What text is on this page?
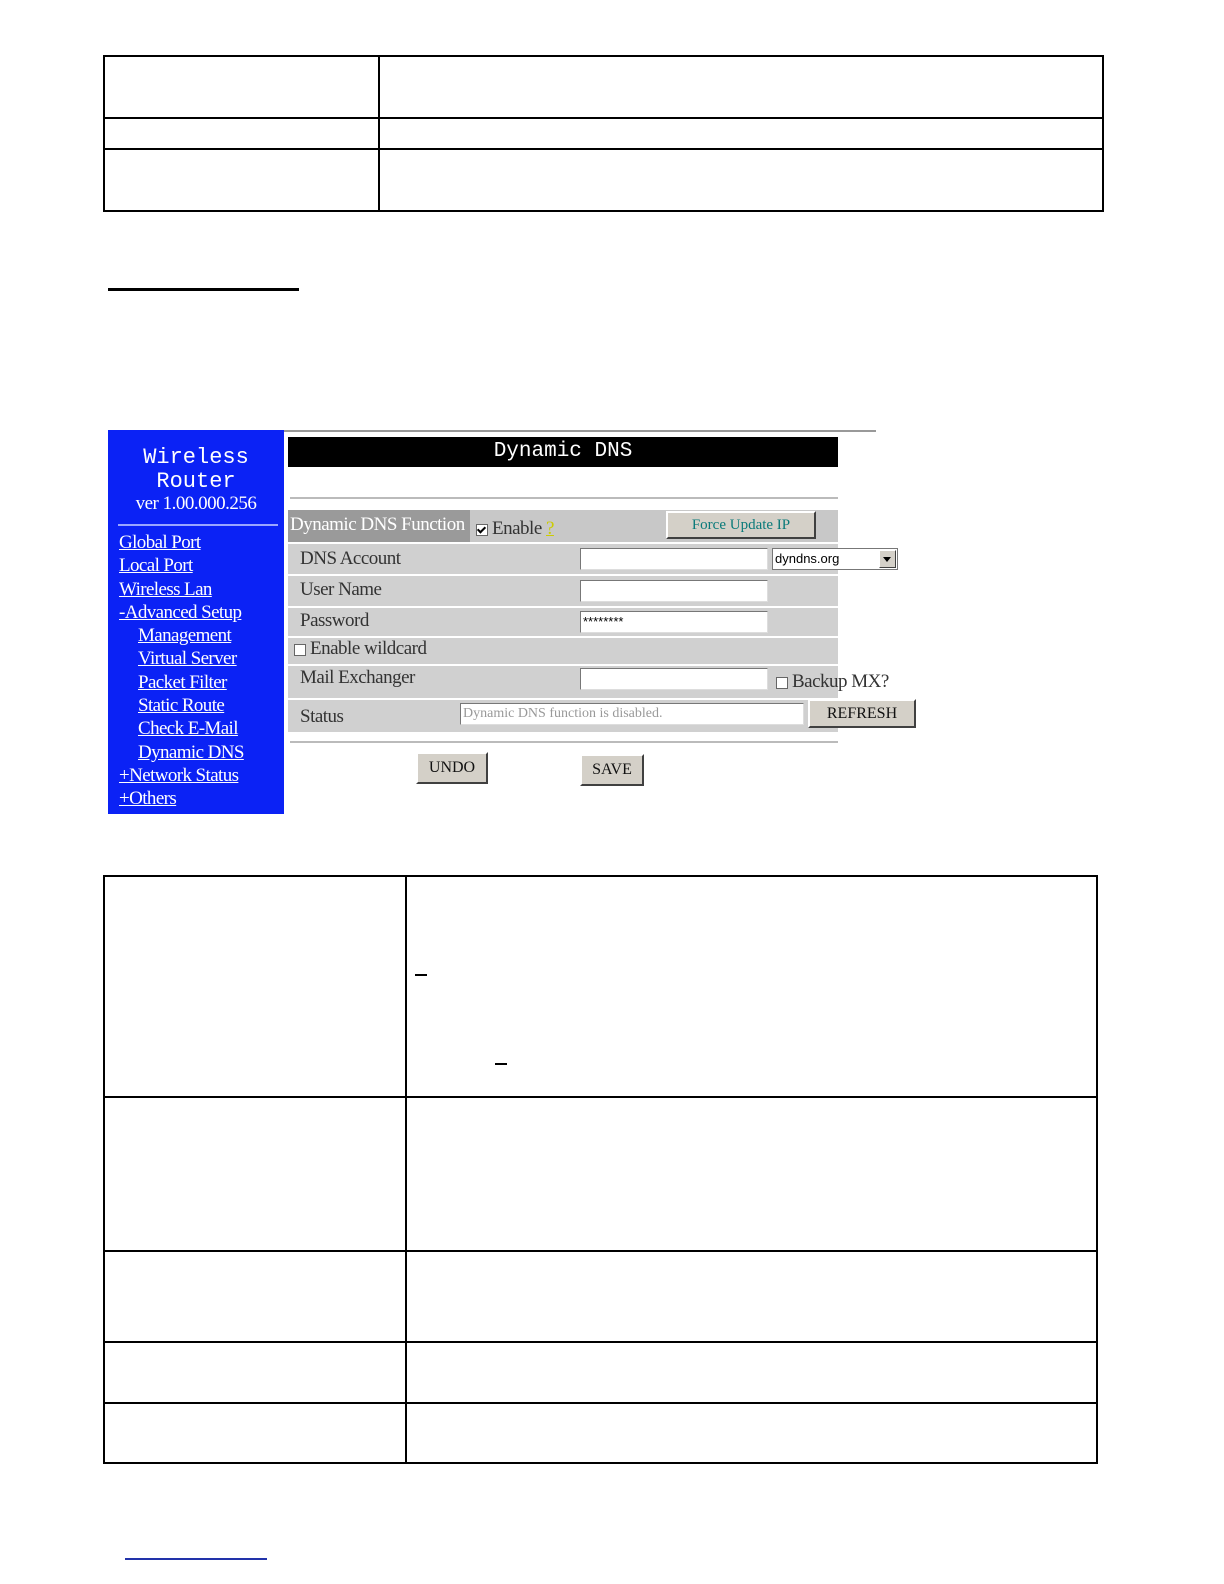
Wireless
Router
ver 1.00.000.256
Global Port
Local Port
Wireless Lan
-Advanced Setup
Management
Virtual Server
Packet Filter
Static Route
Check E-Mail
Dynamic DNS
+Network Status
+Others
Dynamic DNS
Dynamic DNS Function	Enable ?	Force Update IP
DNS Account	dyndns.org
User Name
Password	********
Enable wildcard
Mail Exchanger	Backup MX?
Status	Dynamic DNS function is disabled.	REFRESH
UNDO	SAVE
